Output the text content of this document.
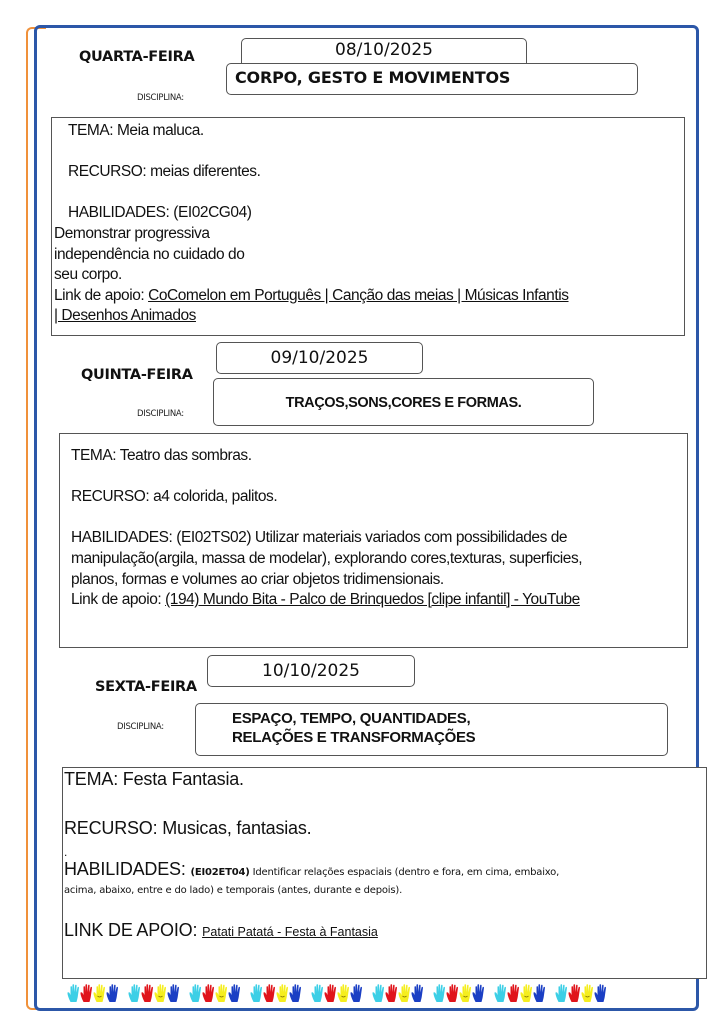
QUARTA-FEIRA
DISCIPLINA:
08/10/2025
CORPO, GESTO E MOVIMENTOS

TEMA: Meia maluca.

RECURSO: meias diferentes.

HABILIDADES: (EI02CG04)

Demonstrar progressiva

independência no cuidado do

seu corpo.

Link de apoio: CoComelon em Português | Canção das meias | Músicas Infantis

| Desenhos Animados

09/10/2025
QUINTA-FEIRA
DISCIPLINA:
TRAÇOS,SONS,CORES E FORMAS.

TEMA: Teatro das sombras.

RECURSO: a4 colorida, palitos.

HABILIDADES: (EI02TS02) Utilizar materiais variados com possibilidades de

manipulação(argila, massa de modelar), explorando cores,texturas, superficies,

planos, formas e volumes ao criar objetos tridimensionais.

Link de apoio: (194) Mundo Bita - Palco de Brinquedos [clipe infantil] - YouTube

10/10/2025
SEXTA-FEIRA
DISCIPLINA:	ESPAÇO, TEMPO, QUANTIDADES,
RELAÇÕES E TRANSFORMAÇÕES
TEMA: Festa Fantasia.
RECURSO: Musicas, fantasias.
.
HABILIDADES: (EI02ET04) Identificar relações espaciais (dentro e fora, em cima, embaixo,
acima, abaixo, entre e do lado) e temporais (antes, durante e depois).
LINK DE APOIO: Patati Patatá - Festa à Fantasia
